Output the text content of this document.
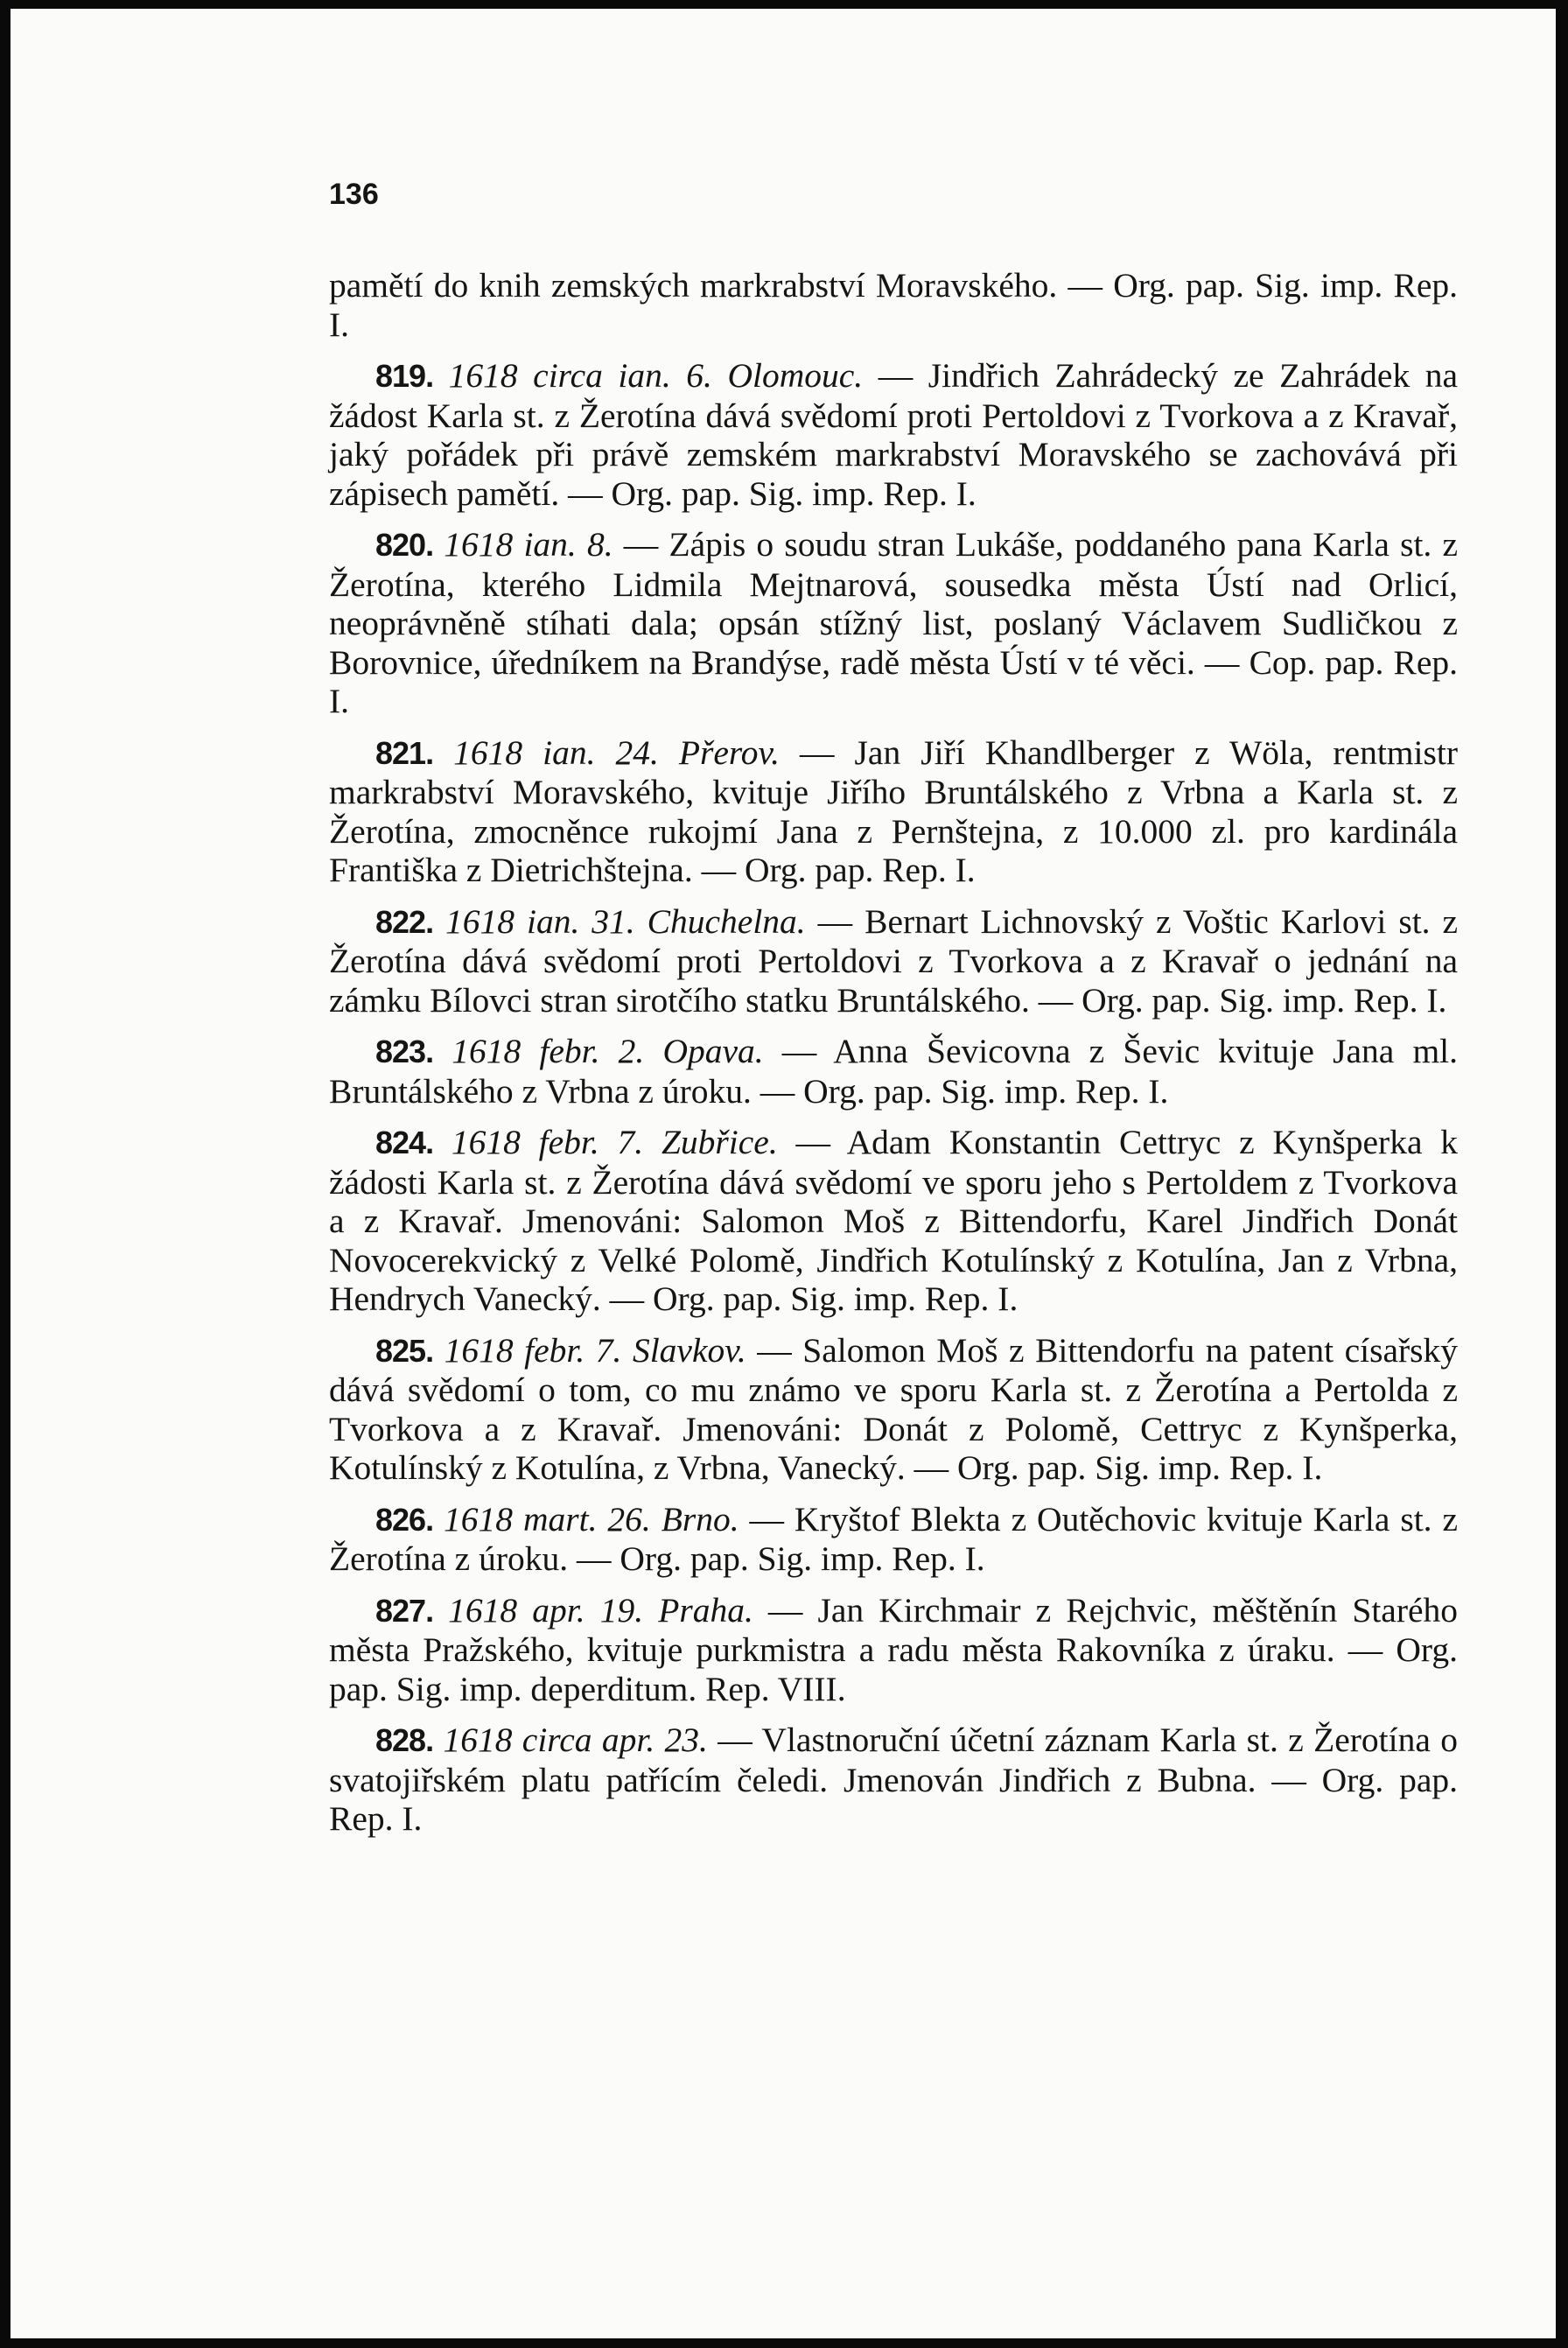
136

pamětí do knih zemských markrabství Moravského. — Org. pap. Sig. imp. Rep. I.

819. 1618 circa ian. 6. Olomouc. — Jindřich Zahrádecký ze Zahrádek na žádost Karla st. z Žerotína dává svědomí proti Pertoldovi z Tvorkova a z Kravař, jaký pořádek při právě zemském markrabství Moravského se zachovává při zápisech pamětí. — Org. pap. Sig. imp. Rep. I.

820. 1618 ian. 8. — Zápis o soudu stran Lukáše, poddaného pana Karla st. z Žerotína, kterého Lidmila Mejtnarová, sousedka města Ústí nad Orlicí, neoprávněně stíhati dala; opsán stížný list, poslaný Václavem Sudličkou z Borovnice, úředníkem na Brandýse, radě města Ústí v té věci. — Cop. pap. Rep. I.

821. 1618 ian. 24. Přerov. — Jan Jiří Khandlberger z Wöla, rentmistr markrabství Moravského, kvituje Jiřího Bruntálského z Vrbna a Karla st. z Žerotína, zmocněnce rukojmí Jana z Pernštejna, z 10.000 zl. pro kardinála Františka z Dietrichštejna. — Org. pap. Rep. I.

822. 1618 ian. 31. Chuchelna. — Bernart Lichnovský z Voštic Karlovi st. z Žerotína dává svědomí proti Pertoldovi z Tvorkova a z Kravař o jednání na zámku Bílovci stran sirotčího statku Bruntálského. — Org. pap. Sig. imp. Rep. I.

823. 1618 febr. 2. Opava. — Anna Ševicovna z Ševic kvituje Jana ml. Bruntálského z Vrbna z úroku. — Org. pap. Sig. imp. Rep. I.

824. 1618 febr. 7. Zubřice. — Adam Konstantin Cettryc z Kynšperka k žádosti Karla st. z Žerotína dává svědomí ve sporu jeho s Pertoldem z Tvorkova a z Kravař. Jmenováni: Salomon Moš z Bittendorfu, Karel Jindřich Donát Novocerekvický z Velké Polomě, Jindřich Kotulínský z Kotulína, Jan z Vrbna, Hendrych Vanecký. — Org. pap. Sig. imp. Rep. I.

825. 1618 febr. 7. Slavkov. — Salomon Moš z Bittendorfu na patent císařský dává svědomí o tom, co mu známo ve sporu Karla st. z Žerotína a Pertolda z Tvorkova a z Kravař. Jmenováni: Donát z Polomě, Cettryc z Kynšperka, Kotulínský z Kotulína, z Vrbna, Vanecký. — Org. pap. Sig. imp. Rep. I.

826. 1618 mart. 26. Brno. — Kryštof Blekta z Outěchovic kvituje Karla st. z Žerotína z úroku. — Org. pap. Sig. imp. Rep. I.

827. 1618 apr. 19. Praha. — Jan Kirchmair z Rejchvic, měštěnín Starého města Pražského, kvituje purkmistra a radu města Rakovníka z úraku. — Org. pap. Sig. imp. deperditum. Rep. VIII.

828. 1618 circa apr. 23. — Vlastnoruční účetní záznam Karla st. z Žerotína o svatojiřském platu patřícím čeledi. Jmenován Jindřich z Bubna. — Org. pap. Rep. I.
